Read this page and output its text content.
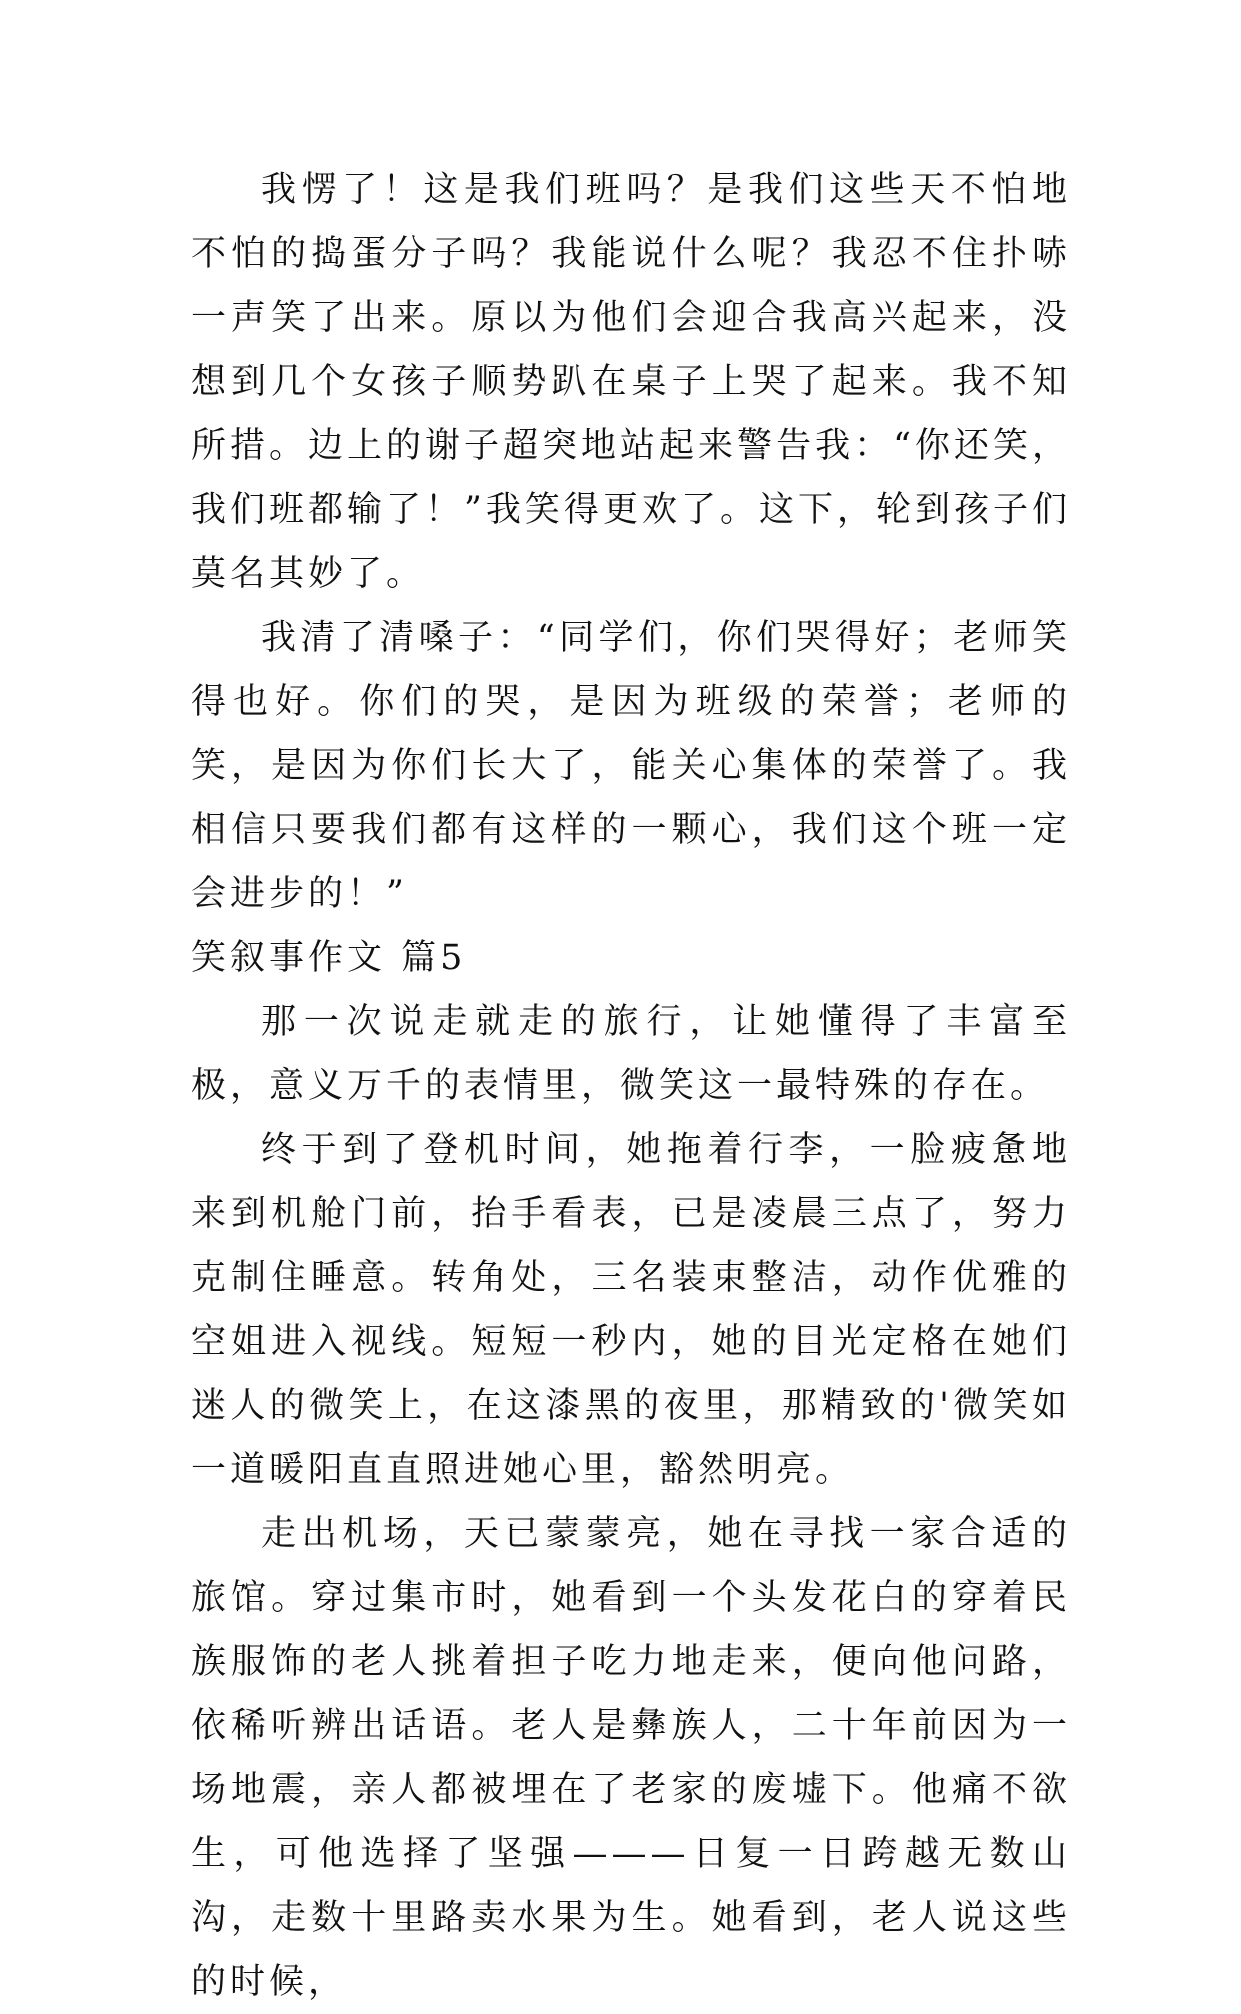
我愣了！这是我们班吗？是我们这些天不怕地不怕的捣蛋分子吗？我能说什么呢？我忍不住扑哧一声笑了出来。原以为他们会迎合我高兴起来，没想到几个女孩子顺势趴在桌子上哭了起来。我不知所措。边上的谢子超突地站起来警告我：“你还笑，我们班都输了！”我笑得更欢了。这下，轮到孩子们莫名其妙了。

我清了清嗓子：“同学们，你们哭得好；老师笑得也好。你们的哭，是因为班级的荣誉；老师的笑，是因为你们长大了，能关心集体的荣誉了。我相信只要我们都有这样的一颗心，我们这个班一定会进步的！”

笑叙事作文 篇5

那一次说走就走的旅行，让她懂得了丰富至极，意义万千的表情里，微笑这一最特殊的存在。

终于到了登机时间，她拖着行李，一脸疲惫地来到机舱门前，抬手看表，已是凌晨三点了，努力克制住睡意。转角处，三名装束整洁，动作优雅的空姐进入视线。短短一秒内，她的目光定格在她们迷人的微笑上，在这漆黑的夜里，那精致的'微笑如一道暖阳直直照进她心里，豁然明亮。

走出机场，天已蒙蒙亮，她在寻找一家合适的旅馆。穿过集市时，她看到一个头发花白的穿着民族服饰的老人挑着担子吃力地走来，便向他问路，依稀听辨出话语。老人是彝族人，二十年前因为一场地震，亲人都被埋在了老家的废墟下。他痛不欲生，可他选择了坚强———日复一日跨越无数山沟，走数十里路卖水果为生。她看到，老人说这些的时候，
